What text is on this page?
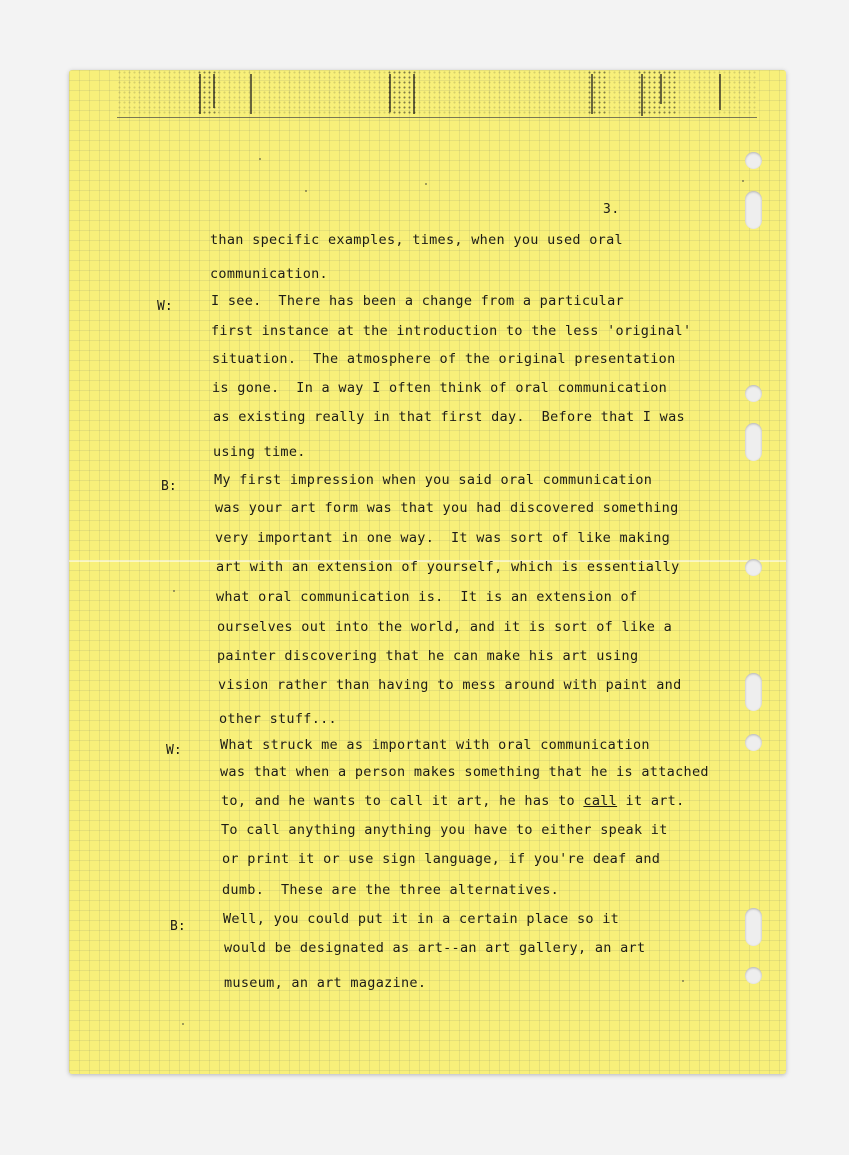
3.
than specific examples, times, when you used oral
communication.
W:	I see.  There has been a change from a particular
first instance at the introduction to the less 'original'
situation.  The atmosphere of the original presentation
is gone.  In a way I often think of oral communication
as existing really in that first day.  Before that I was
using time.
B:	My first impression when you said oral communication
was your art form was that you had discovered something
very important in one way.  It was sort of like making
art with an extension of yourself, which is essentially
what oral communication is.  It is an extension of
ourselves out into the world, and it is sort of like a
painter discovering that he can make his art using
vision rather than having to mess around with paint and
other stuff...
W:	What struck me as important with oral communication
was that when a person makes something that he is attached
to, and he wants to call it art, he has to call it art.
To call anything anything you have to either speak it
or print it or use sign language, if you're deaf and
dumb.  These are the three alternatives.
B:	Well, you could put it in a certain place so it
would be designated as art--an art gallery, an art
museum, an art magazine.
